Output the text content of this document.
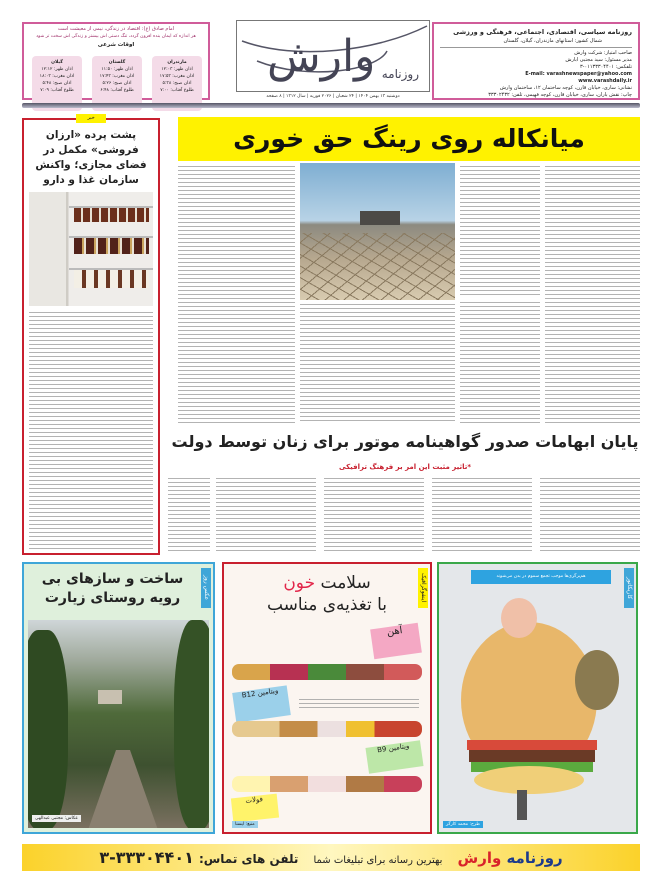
روزنامه سیاسی، اقتصادی، اجتماعی، فرهنگی و ورزشی
شمال کشور: استانهای مازندران، گیلان، گلستان
صاحب امتیاز: شرکت وارش
مدیر مسئول: سید مجتبی ابارش
تلفکس: ۰۱۱۳۳۳۰۴۴۰۱-۳
E-mail: varashnewspaper@yahoo.com
www.varashdaily.ir
نشانی: ساری، خیابان قارن، کوچه ساختمان ۱۲، ساختمان وارش
چاپ: نقش باران، ساری، خیابان قارن، کوچه فهیمی، تلفن: ۳۳۳۰۲۴۳۲
وارش روزنامه
دوشنبه ۱۳ بهمن ۱۴۰۴ | ۲۴ شعبان | ۲۰۲۶ فوریه | سال ۱۳۱۲ | ۸ صفحه
امام صادق (ع): اقتصاد در زندگی، نیمی از معیشت است
هر اندازه که ایمان بنده افزون گردد، تنگ دستی اش بیشتر و زندگی اش سخت تر شود
اوقات شرعی
مازندران
اذان ظهر: ۱۲:۰۳
اذان مغرب: ۱۷:۵۳
اذان صبح: ۵:۳۸
طلوع آفتاب: ۷:۰۰
گلستان
اذان ظهر: ۱۱:۵۰
اذان مغرب: ۱۷:۴۳
اذان صبح: ۵:۲۶
طلوع آفتاب: ۶:۴۸
گیلان
اذان ظهر: ۱۲:۱۲
اذان مغرب: ۱۸:۰۳
اذان صبح: ۵:۴۸
طلوع آفتاب: ۷:۰۹
خبر
پشت پرده «ارزان فروشی» مکمل در فضای مجازی؛ واکنش سازمان غذا و دارو
میانکاله روی رینگ حق خوری
پایان ابهامات صدور گواهینامه موتور برای زنان توسط دولت
*تاثیر مثبت این امر بر فرهنگ ترافیکی
عکس روز
ساخت و سازهای بی رویه روستای زیارت
عکاس: مجتبی عبدالهی
اینفوگرافیک
سلامت خون
با تغذیه‌ی مناسب
آهن
ویتامین B12
ویتامین B9
فولات
منبع: ایسنا
کاریکاتور
هم‌برگری‌ها موجب تجمع سموم در بدن می‌شوند
طرح: محمد کارگر
روزنامه وارش بهترین رسانه برای تبلیغات شما تلفن های تماس: ۳۳۳۰۴۴۰۱-۳
